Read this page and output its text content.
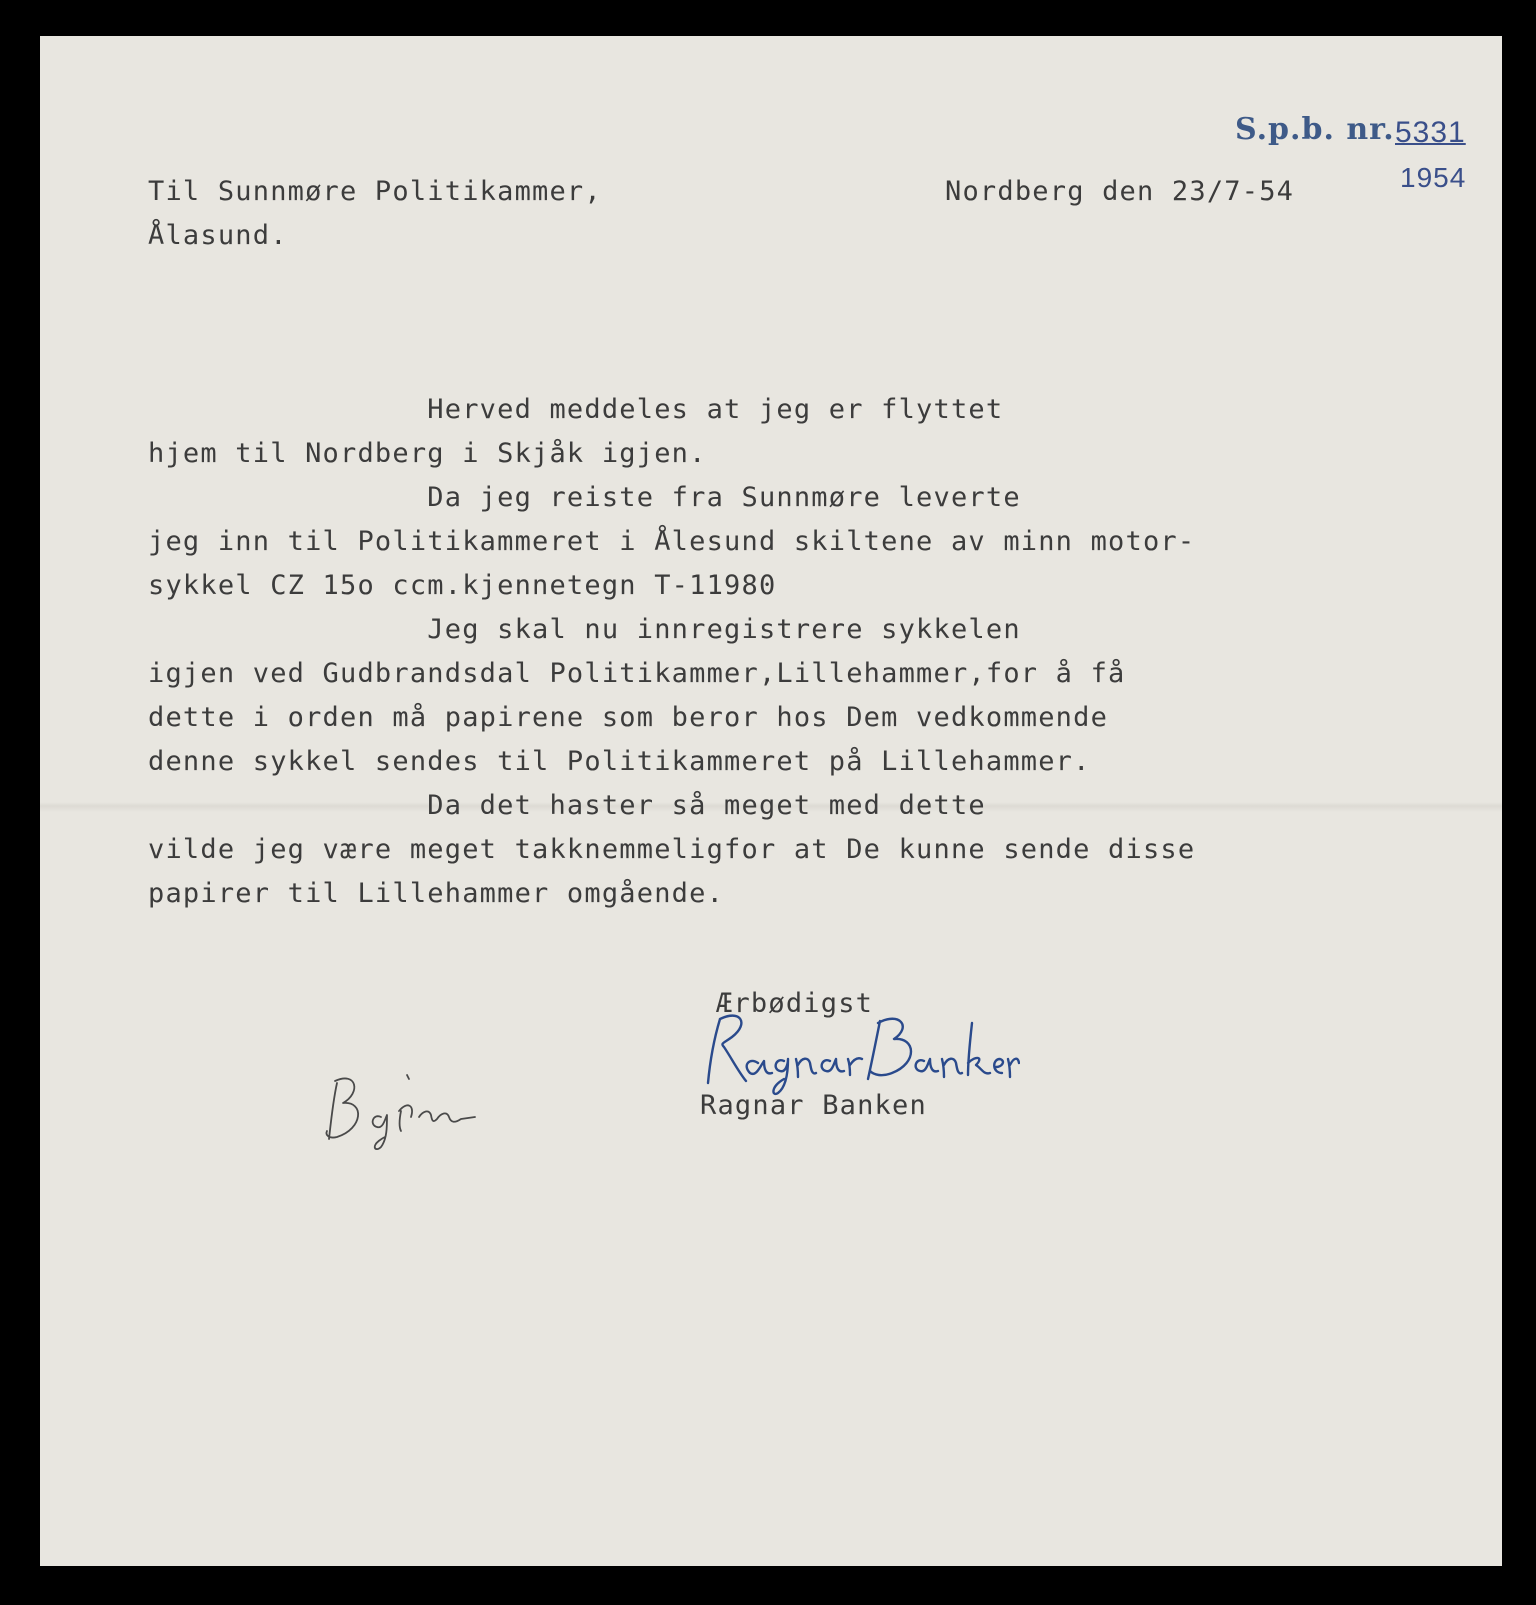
S.p.b. nr. 5331
1954
Til Sunnmøre Politikammer,
Ålasund.
Nordberg den 23/7-54
Herved meddeles at jeg er flyttet
hjem til Nordberg i Skjåk igjen.
Da jeg reiste fra Sunnmøre leverte
jeg inn til Politikammeret i Ålesund skiltene av minn motor-
sykkel CZ 15o ccm.kjennetegn T-11980
Jeg skal nu innregistrere sykkelen
igjen ved Gudbrandsdal Politikammer,Lillehammer,for å få
dette i orden må papirene som beror hos Dem vedkommende
denne sykkel sendes til Politikammeret på Lillehammer.
Da det haster så meget med dette
vilde jeg være meget takknemmeligfor at De kunne sende disse
papirer til Lillehammer omgående.
Ærbødigst
Ragnar Banken
